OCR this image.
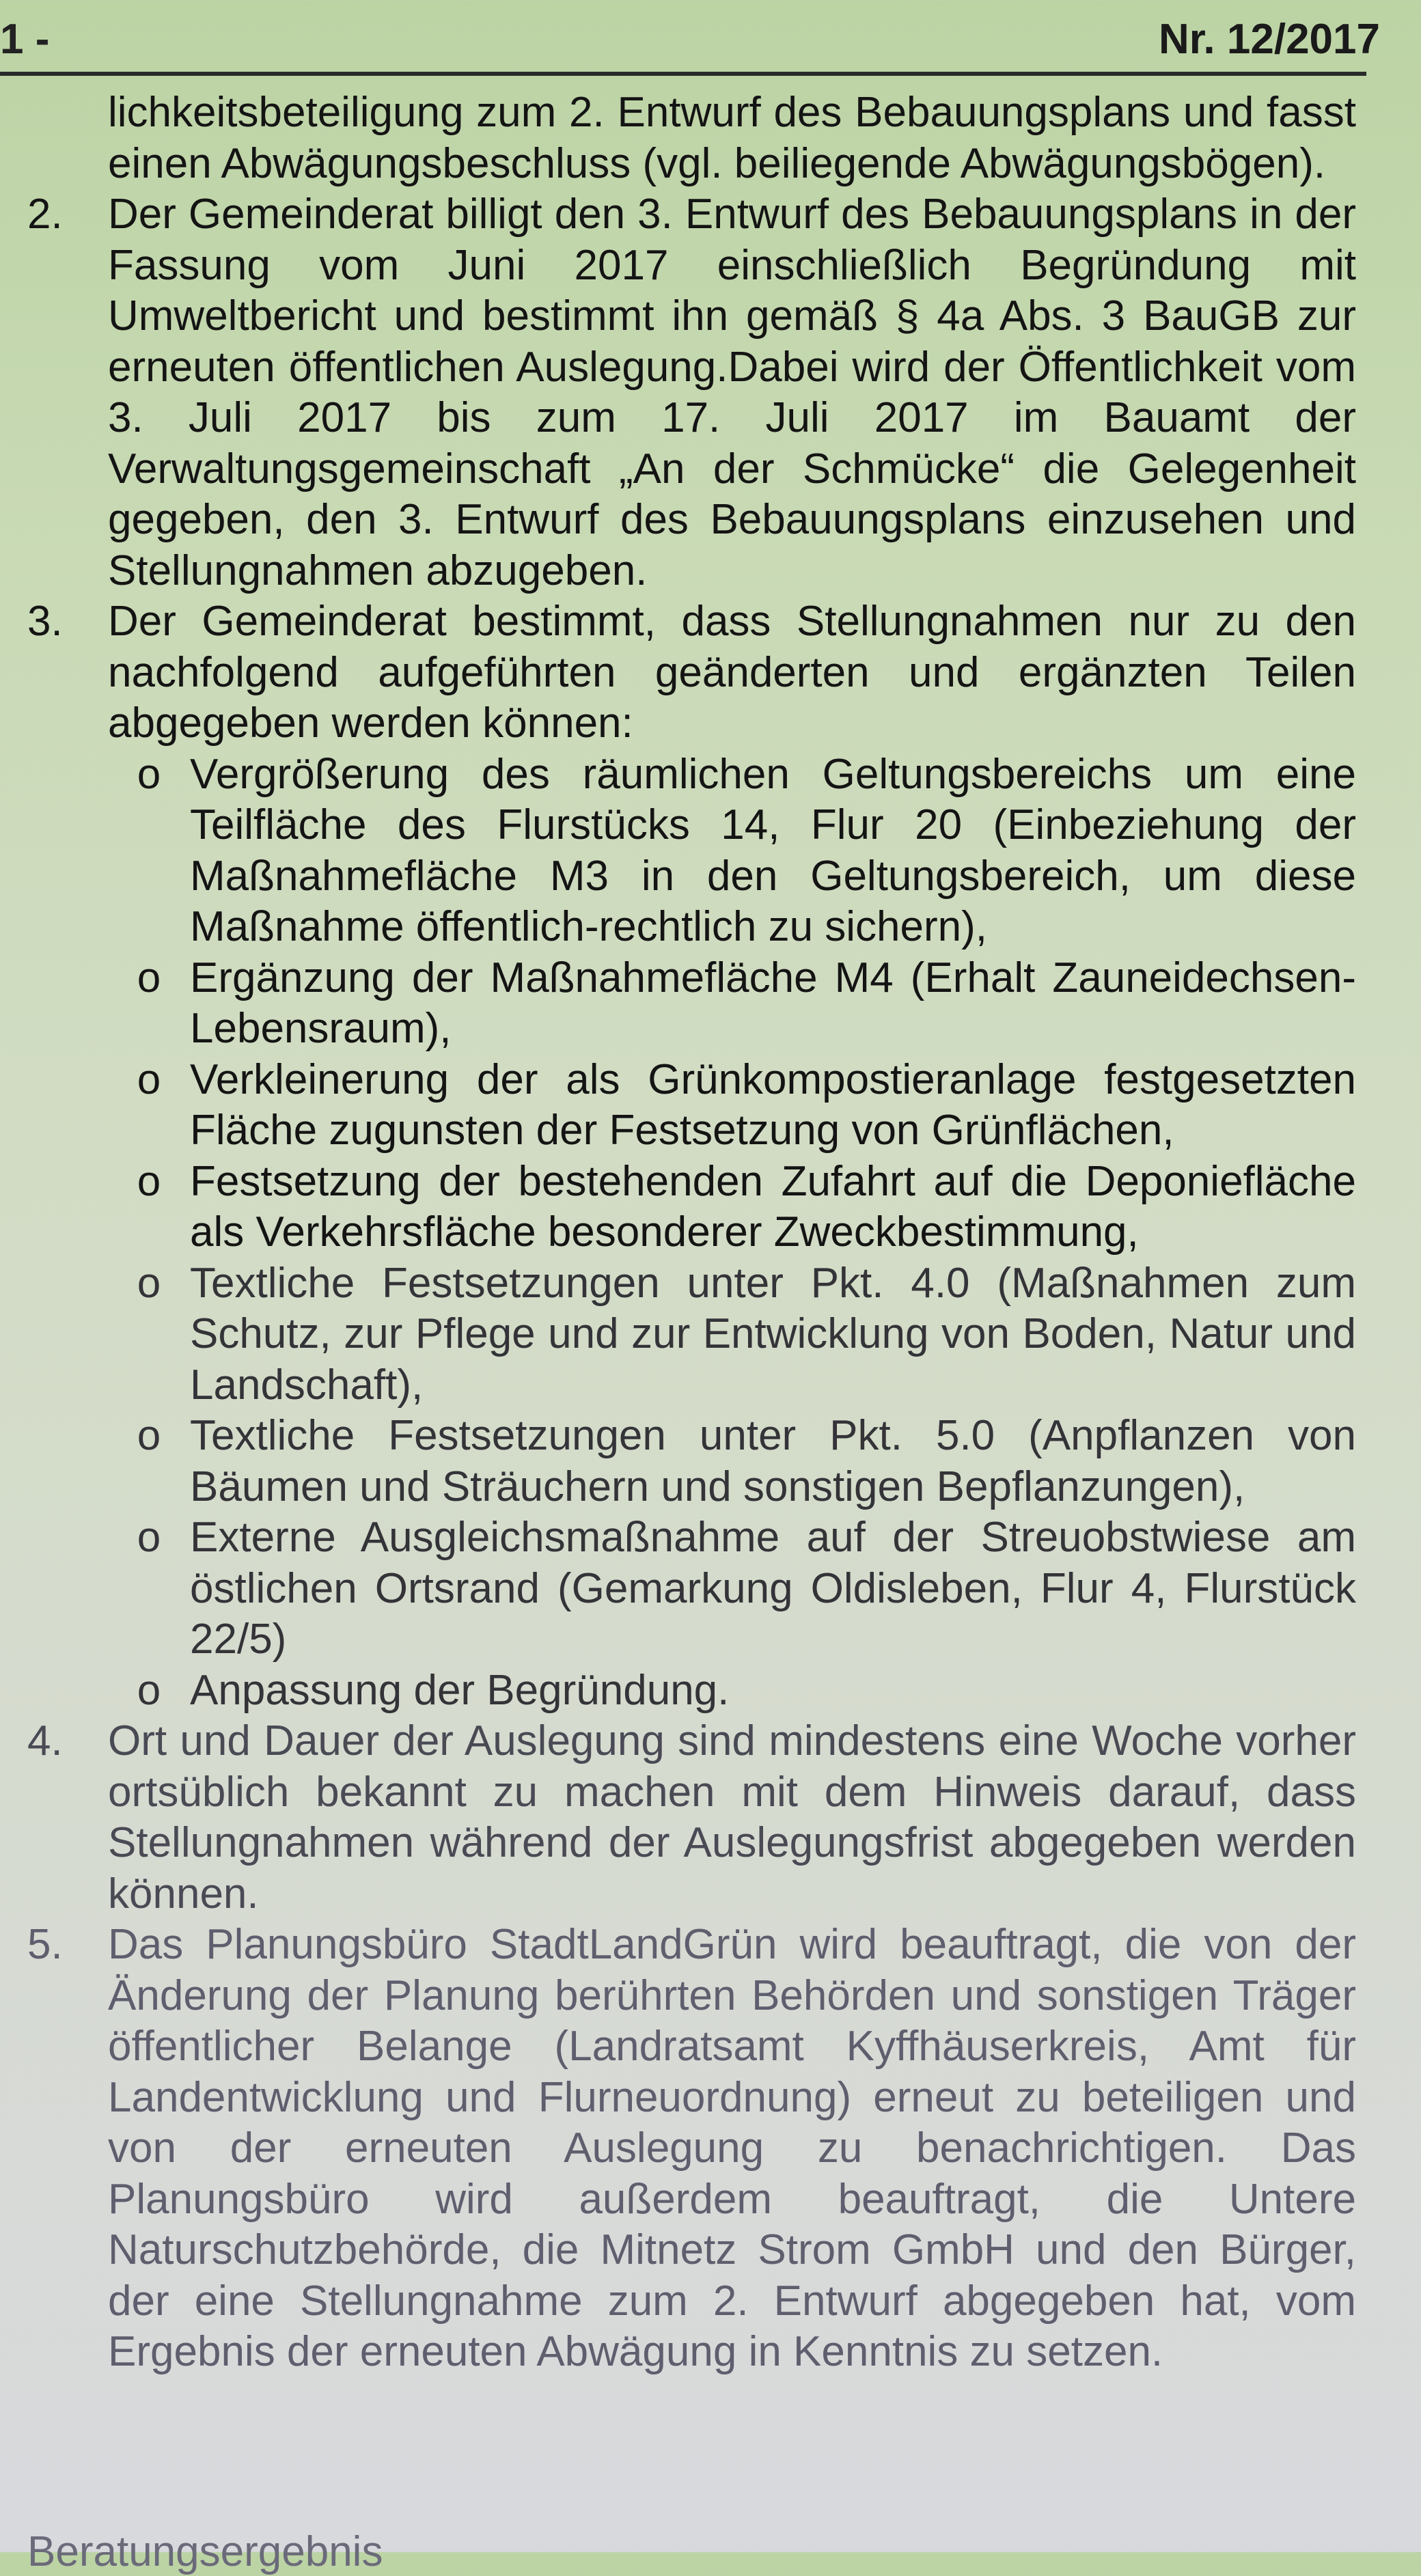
1 -	Nr. 12/2017

lichkeitsbeteiligung zum 2. Entwurf des Bebauungsplans und fasst einen Abwägungsbeschluss (vgl. beiliegende Abwägungsbögen).

2.	Der Gemeinderat billigt den 3. Entwurf des Bebauungsplans in der Fassung vom Juni 2017 einschließlich Begründung mit Umweltbericht und bestimmt ihn gemäß § 4a Abs. 3 BauGB zur erneuten öffentlichen Auslegung.Dabei wird der Öffentlichkeit vom 3. Juli 2017 bis zum 17. Juli 2017 im Bauamt der Verwaltungsgemeinschaft „An der Schmücke“ die Gelegenheit gegeben, den 3. Entwurf des Bebauungsplans einzusehen und Stellungnahmen abzugeben.

3.	Der Gemeinderat bestimmt, dass Stellungnahmen nur zu den nachfolgend aufgeführten geänderten und ergänzten Teilen abgegeben werden können:

o Vergrößerung des räumlichen Geltungsbereichs um eine Teilfläche des Flurstücks 14, Flur 20 (Einbeziehung der Maßnahmefläche M3 in den Geltungsbereich, um diese Maßnahme öffentlich-rechtlich zu sichern),
o Ergänzung der Maßnahmefläche M4 (Erhalt Zauneidechsen-Lebensraum),
o Verkleinerung der als Grünkompostieranlage festgesetzten Fläche zugunsten der Festsetzung von Grünflächen,
o Festsetzung der bestehenden Zufahrt auf die Deponiefläche als Verkehrsfläche besonderer Zweckbestimmung,
o Textliche Festsetzungen unter Pkt. 4.0 (Maßnahmen zum Schutz, zur Pflege und zur Entwicklung von Boden, Natur und Landschaft),
o Textliche Festsetzungen unter Pkt. 5.0 (Anpflanzen von Bäumen und Sträuchern und sonstigen Bepflanzungen),
o Externe Ausgleichsmaßnahme auf der Streuobstwiese am östlichen Ortsrand (Gemarkung Oldisleben, Flur 4, Flurstück 22/5)
o Anpassung der Begründung.

4.	Ort und Dauer der Auslegung sind mindestens eine Woche vorher ortsüblich bekannt zu machen mit dem Hinweis darauf, dass Stellungnahmen während der Auslegungsfrist abgegeben werden können.

5.	Das Planungsbüro StadtLandGrün wird beauftragt, die von der Änderung der Planung berührten Behörden und sonstigen Träger öffentlicher Belange (Landratsamt Kyffhäuserkreis, Amt für Landentwicklung und Flurneuordnung) erneut zu beteiligen und von der erneuten Auslegung zu benachrichtigen. Das Planungsbüro wird außerdem beauftragt, die Untere Naturschutzbehörde, die Mitnetz Strom GmbH und den Bürger, der eine Stellungnahme zum 2. Entwurf abgegeben hat, vom Ergebnis der erneuten Abwägung in Kenntnis zu setzen.

Beratungsergebnis
